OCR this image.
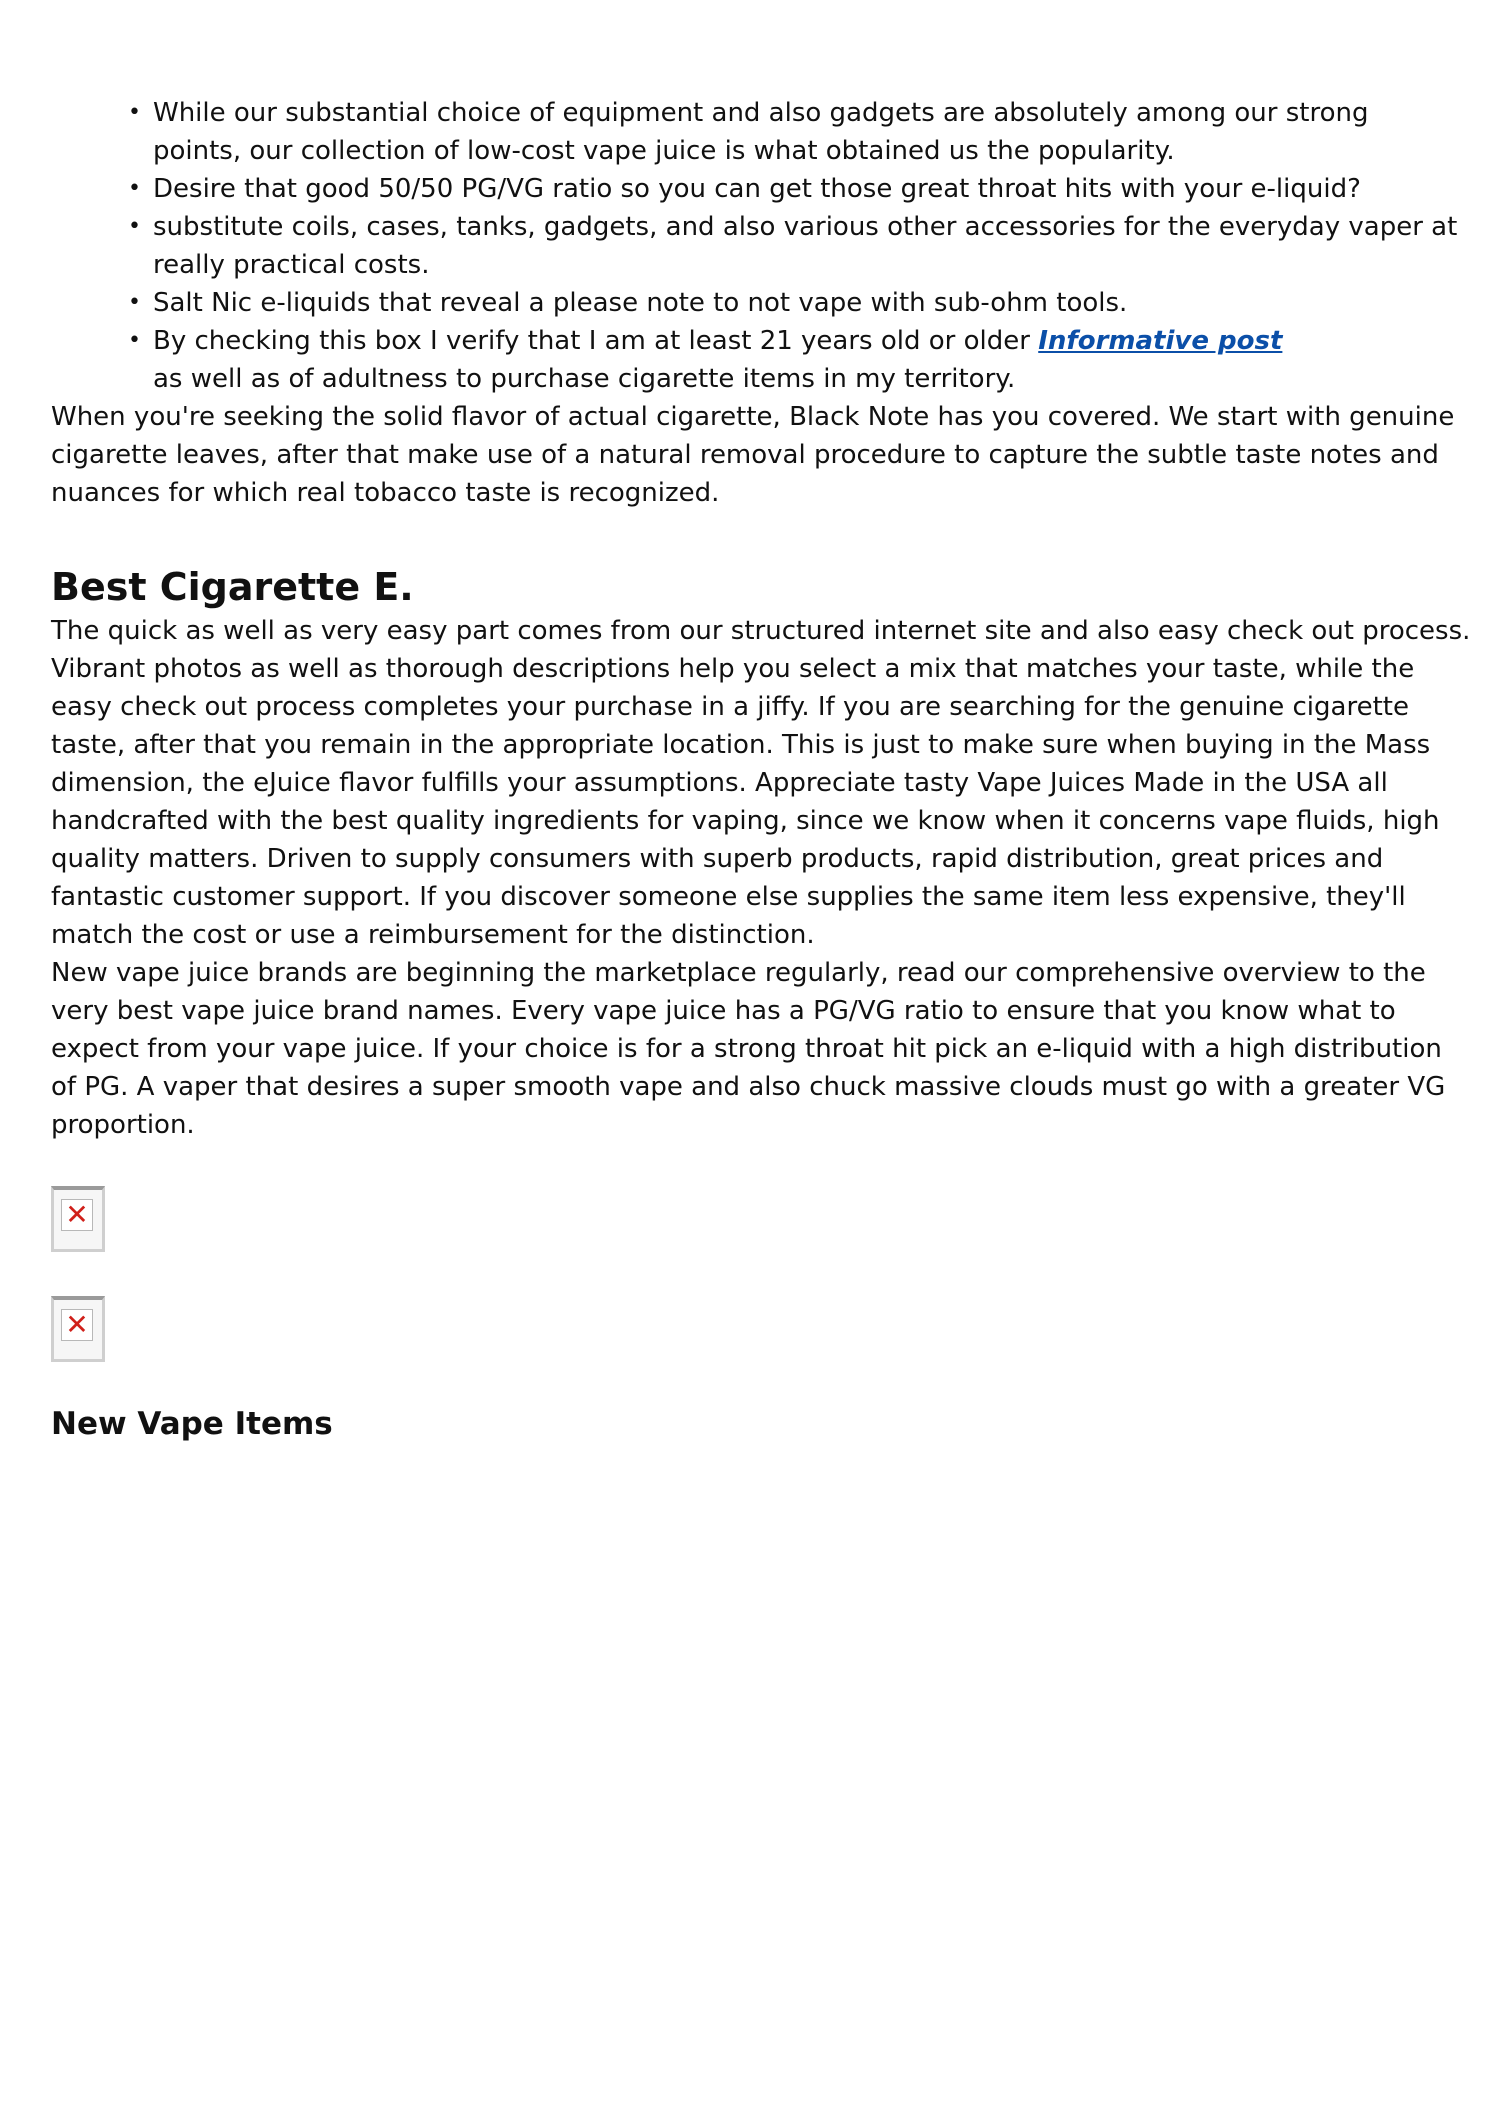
• While our substantial choice of equipment and also gadgets are absolutely among our strong points, our collection of low-cost vape juice is what obtained us the popularity.
• Desire that good 50/50 PG/VG ratio so you can get those great throat hits with your e-liquid?
• substitute coils, cases, tanks, gadgets, and also various other accessories for the everyday vaper at really practical costs.
• Salt Nic e-liquids that reveal a please note to not vape with sub-ohm tools.
• By checking this box I verify that I am at least 21 years old or older Informative post
as well as of adultness to purchase cigarette items in my territory.

When you're seeking the solid flavor of actual cigarette, Black Note has you covered. We start with genuine cigarette leaves, after that make use of a natural removal procedure to capture the subtle taste notes and nuances for which real tobacco taste is recognized.

Best Cigarette E.

The quick as well as very easy part comes from our structured internet site and also easy check out process. Vibrant photos as well as thorough descriptions help you select a mix that matches your taste, while the easy check out process completes your purchase in a jiffy. If you are searching for the genuine cigarette taste, after that you remain in the appropriate location. This is just to make sure when buying in the Mass dimension, the eJuice flavor fulfills your assumptions. Appreciate tasty Vape Juices Made in the USA all handcrafted with the best quality ingredients for vaping, since we know when it concerns vape fluids, high quality matters. Driven to supply consumers with superb products, rapid distribution, great prices and fantastic customer support. If you discover someone else supplies the same item less expensive, they'll match the cost or use a reimbursement for the distinction.

New vape juice brands are beginning the marketplace regularly, read our comprehensive overview to the very best vape juice brand names. Every vape juice has a PG/VG ratio to ensure that you know what to expect from your vape juice. If your choice is for a strong throat hit pick an e-liquid with a high distribution of PG. A vaper that desires a super smooth vape and also chuck massive clouds must go with a greater VG proportion.

✕
✕
New Vape Items
